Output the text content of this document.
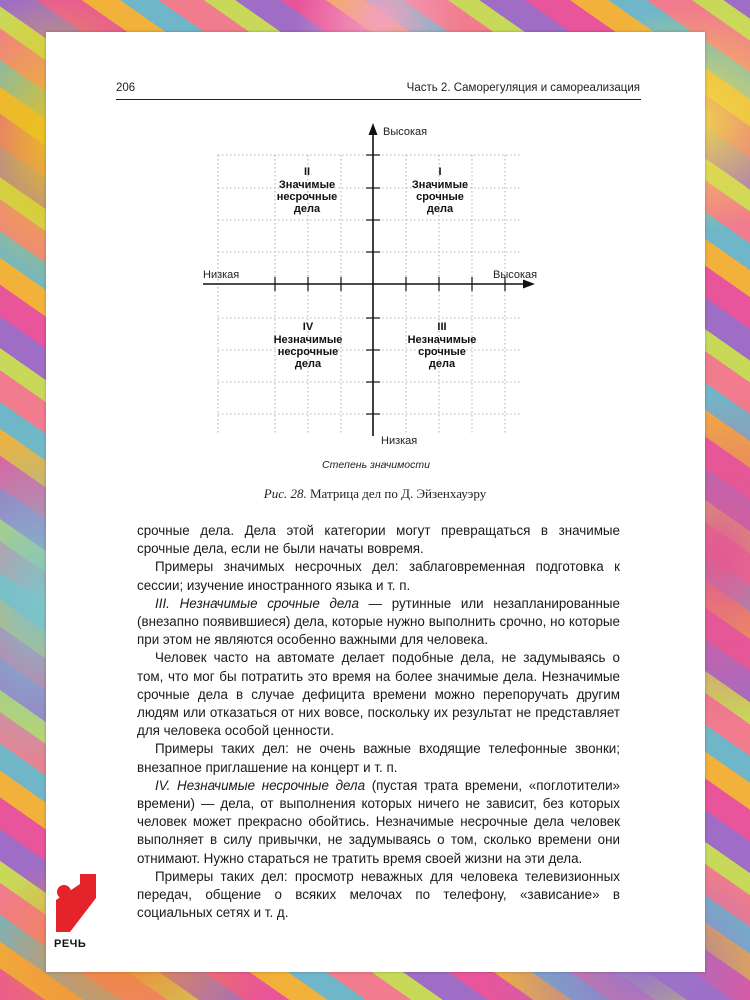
206	Часть 2. Саморегуляция и самореализация
Высокая
Низкая
Низкая	Высокая
Степень значимости
I
Значимые
срочные
дела
II
Значимые
несрочные
дела
III
Незначимые
срочные
дела
IV
Незначимые
несрочные
дела
Рис. 28. Матрица дел по Д. Эйзенхауэру

срочные дела. Дела этой категории могут превращаться в значимые срочные дела, если не были начаты вовремя.

Примеры значимых несрочных дел: заблаговременная подготовка к сессии; изучение иностранного языка и т. п.

III. Незначимые срочные дела — рутинные или незапланированные (внезапно появившиеся) дела, которые нужно выполнить срочно, но которые при этом не являются особенно важными для человека.

Человек часто на автомате делает подобные дела, не задумываясь о том, что мог бы потратить это время на более значимые дела. Незначимые срочные дела в случае дефицита времени можно перепоручать другим людям или отказаться от них вовсе, поскольку их результат не представляет для человека особой ценности.

Примеры таких дел: не очень важные входящие телефонные звонки; внезапное приглашение на концерт и т. п.

IV. Незначимые несрочные дела (пустая трата времени, «поглотители» времени) — дела, от выполнения которых ничего не зависит, без которых человек может прекрасно обойтись. Незначимые несрочные дела человек выполняет в силу привычки, не задумываясь о том, сколько времени они отнимают. Нужно стараться не тратить время своей жизни на эти дела.

Примеры таких дел: просмотр неважных для человека телевизионных передач, общение о всяких мелочах по телефону, «зависание» в социальных сетях и т. д.

РЕЧЬ
